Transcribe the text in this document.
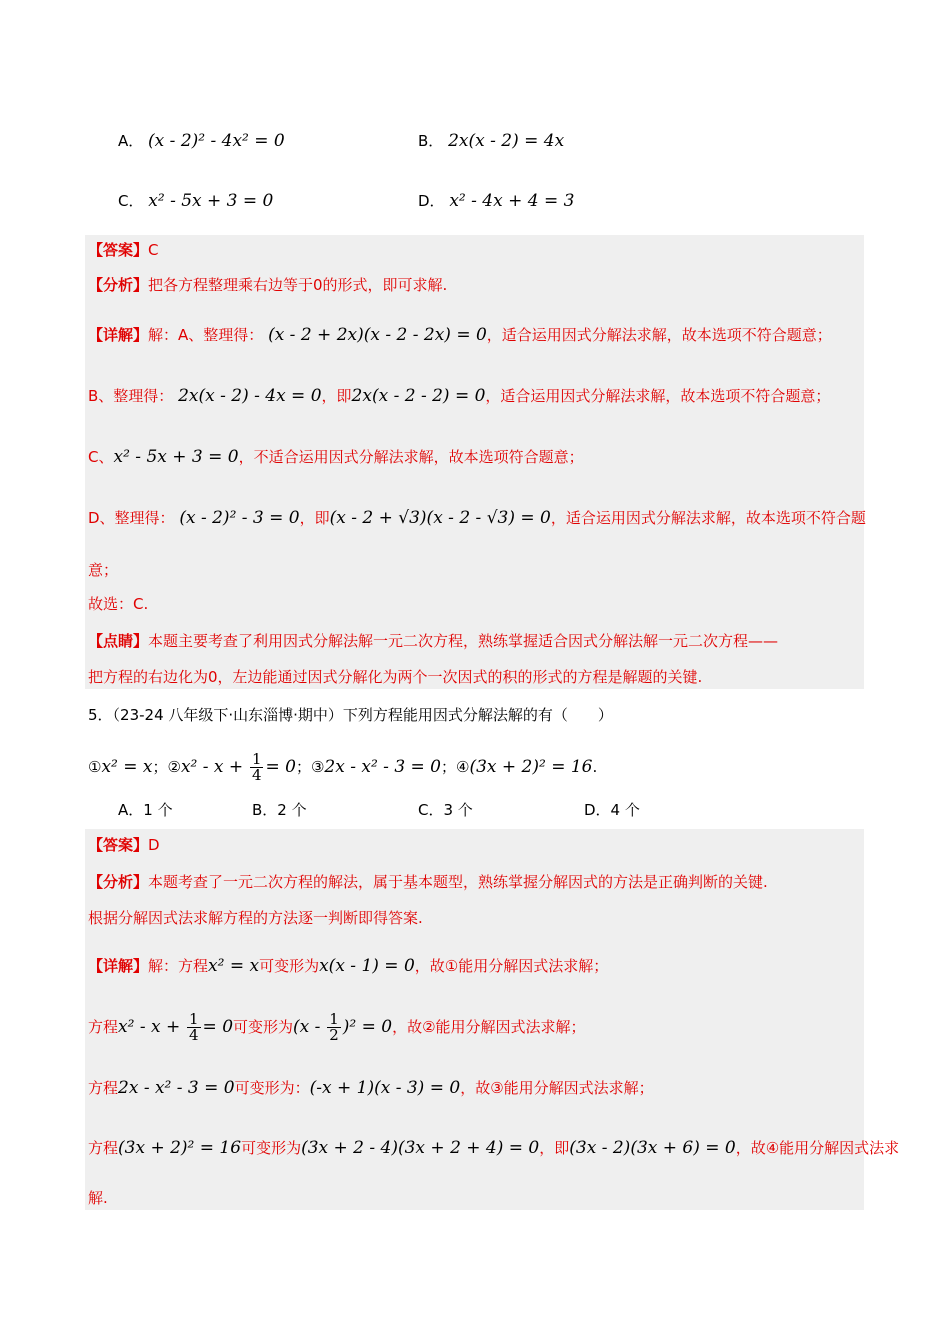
A． (x - 2)² - 4x² = 0	B． 2x(x - 2) = 4x
C． x² - 5x + 3 = 0	D． x² - 4x + 4 = 3
【答案】C
【分析】把各方程整理乘右边等于0的形式，即可求解.
【详解】解：A、整理得： (x - 2 + 2x)(x - 2 - 2x) = 0，适合运用因式分解法求解，故本选项不符合题意；
B、整理得： 2x(x - 2) - 4x = 0，即2x(x - 2 - 2) = 0，适合运用因式分解法求解，故本选项不符合题意；
C、x² - 5x + 3 = 0，不适合运用因式分解法求解，故本选项符合题意；
D、整理得： (x - 2)² - 3 = 0，即(x - 2 + √3)(x - 2 - √3) = 0，适合运用因式分解法求解，故本选项不符合题
意；
故选：C.
【点睛】本题主要考查了利用因式分解法解一元二次方程，熟练掌握适合因式分解法解一元二次方程——
把方程的右边化为0，左边能通过因式分解化为两个一次因式的积的形式的方程是解题的关键.
5．（23-24 八年级下·山东淄博·期中）下列方程能用因式分解法解的有（　　）
①x² = x；②x² - $x + \frac{1}{4} = 0$；③2x - x² - 3 = 0；④(3x + 2)² = 16.
A．1 个	B．2 个	C．3 个	D．4 个
【答案】D
【分析】本题考查了一元二次方程的解法，属于基本题型，熟练掌握分解因式的方法是正确判断的关键.
根据分解因式法求解方程的方法逐一判断即得答案.
【详解】解：方程x² = x可变形为x(x - 1) = 0，故①能用分解因式法求解；
方程$x^2 - x + \frac{1}{4} = 0$可变形为$(x - \frac{1}{2} )^2 = 0$，故②能用分解因式法求解；
方程2x - x² - 3 = 0可变形为：(-x + 1)(x - 3) = 0，故③能用分解因式法求解；
方程(3x + 2)² = 16可变形为(3x + 2 - 4)(3x + 2 + 4) = 0，即(3x - 2)(3x + 6) = 0，故④能用分解因式法求
解.
